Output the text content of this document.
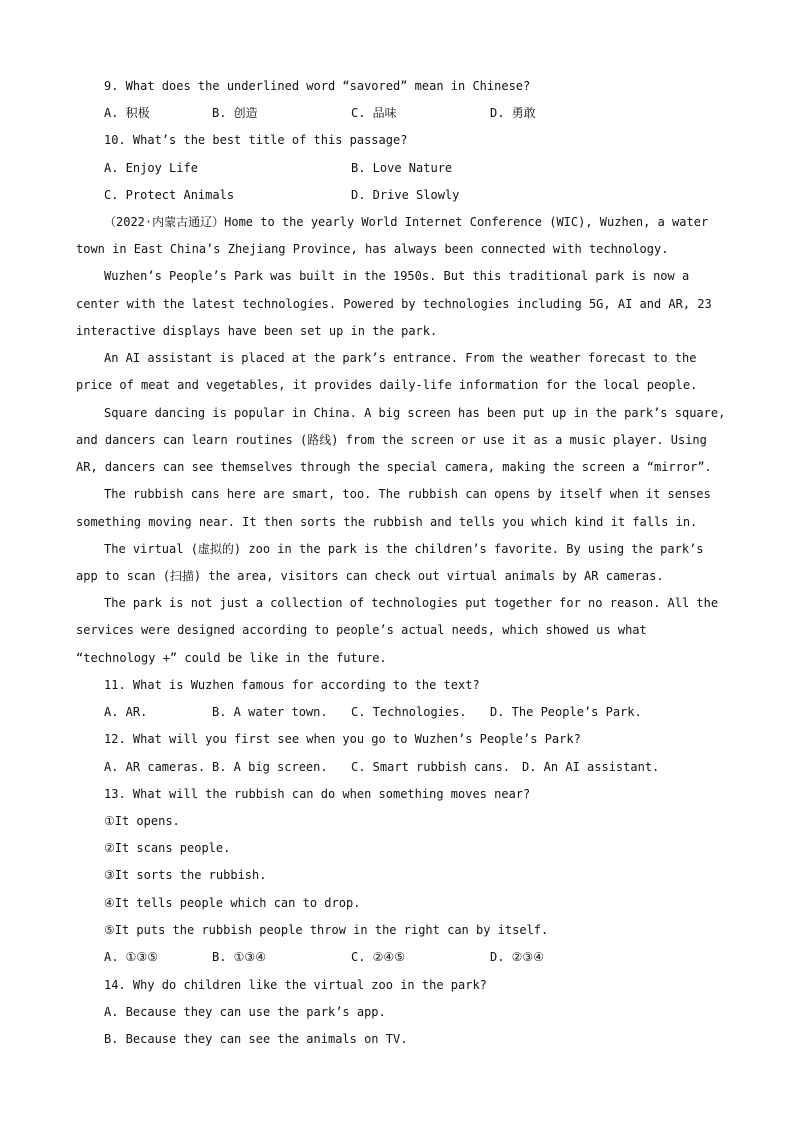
9. What does the underlined word “savored” mean in Chinese?

A. 积极

	B. 创造

	C. 品味

	D. 勇敢

10. What’s the best title of this passage?

A. Enjoy Life

	B. Love Nature

C. Protect Animals

	D. Drive Slowly

（2022·内蒙古通辽）Home to the yearly World Internet Conference (WIC), Wuzhen, a water
town in East China’s Zhejiang Province, has always been connected with technology.
Wuzhen’s People’s Park was built in the 1950s. But this traditional park is now a
center with the latest technologies. Powered by technologies including 5G, AI and AR, 23
interactive displays have been set up in the park.
An AI assistant is placed at the park’s entrance. From the weather forecast to the
price of meat and vegetables, it provides daily-life information for the local people.
Square dancing is popular in China. A big screen has been put up in the park’s square,
and dancers can learn routines (路线) from the screen or use it as a music player. Using
AR, dancers can see themselves through the special camera, making the screen a “mirror”.
The rubbish cans here are smart, too. The rubbish can opens by itself when it senses
something moving near. It then sorts the rubbish and tells you which kind it falls in.
The virtual (虚拟的) zoo in the park is the children’s favorite. By using the park’s
app to scan (扫描) the area, visitors can check out virtual animals by AR cameras.
The park is not just a collection of technologies put together for no reason. All the
services were designed according to people’s actual needs, which showed us what
“technology +” could be like in the future.
11. What is Wuzhen famous for according to the text?

A. AR.

	B. A water town.

C. Technologies.

D. The People’s Park.

12. What will you first see when you go to Wuzhen’s People’s Park?

A. AR cameras.

B. A big screen.

C. Smart rubbish cans.

D. An AI assistant.

13. What will the rubbish can do when something moves near?
①It opens.
②It scans people.
③It sorts the rubbish.
④It tells people which can to drop.
⑤It puts the rubbish people throw in the right can by itself.

A. ①③⑤

	B. ①③④

	C. ②④⑤

	D. ②③④

14. Why do children like the virtual zoo in the park?
A. Because they can use the park’s app.
B. Because they can see the animals on TV.
